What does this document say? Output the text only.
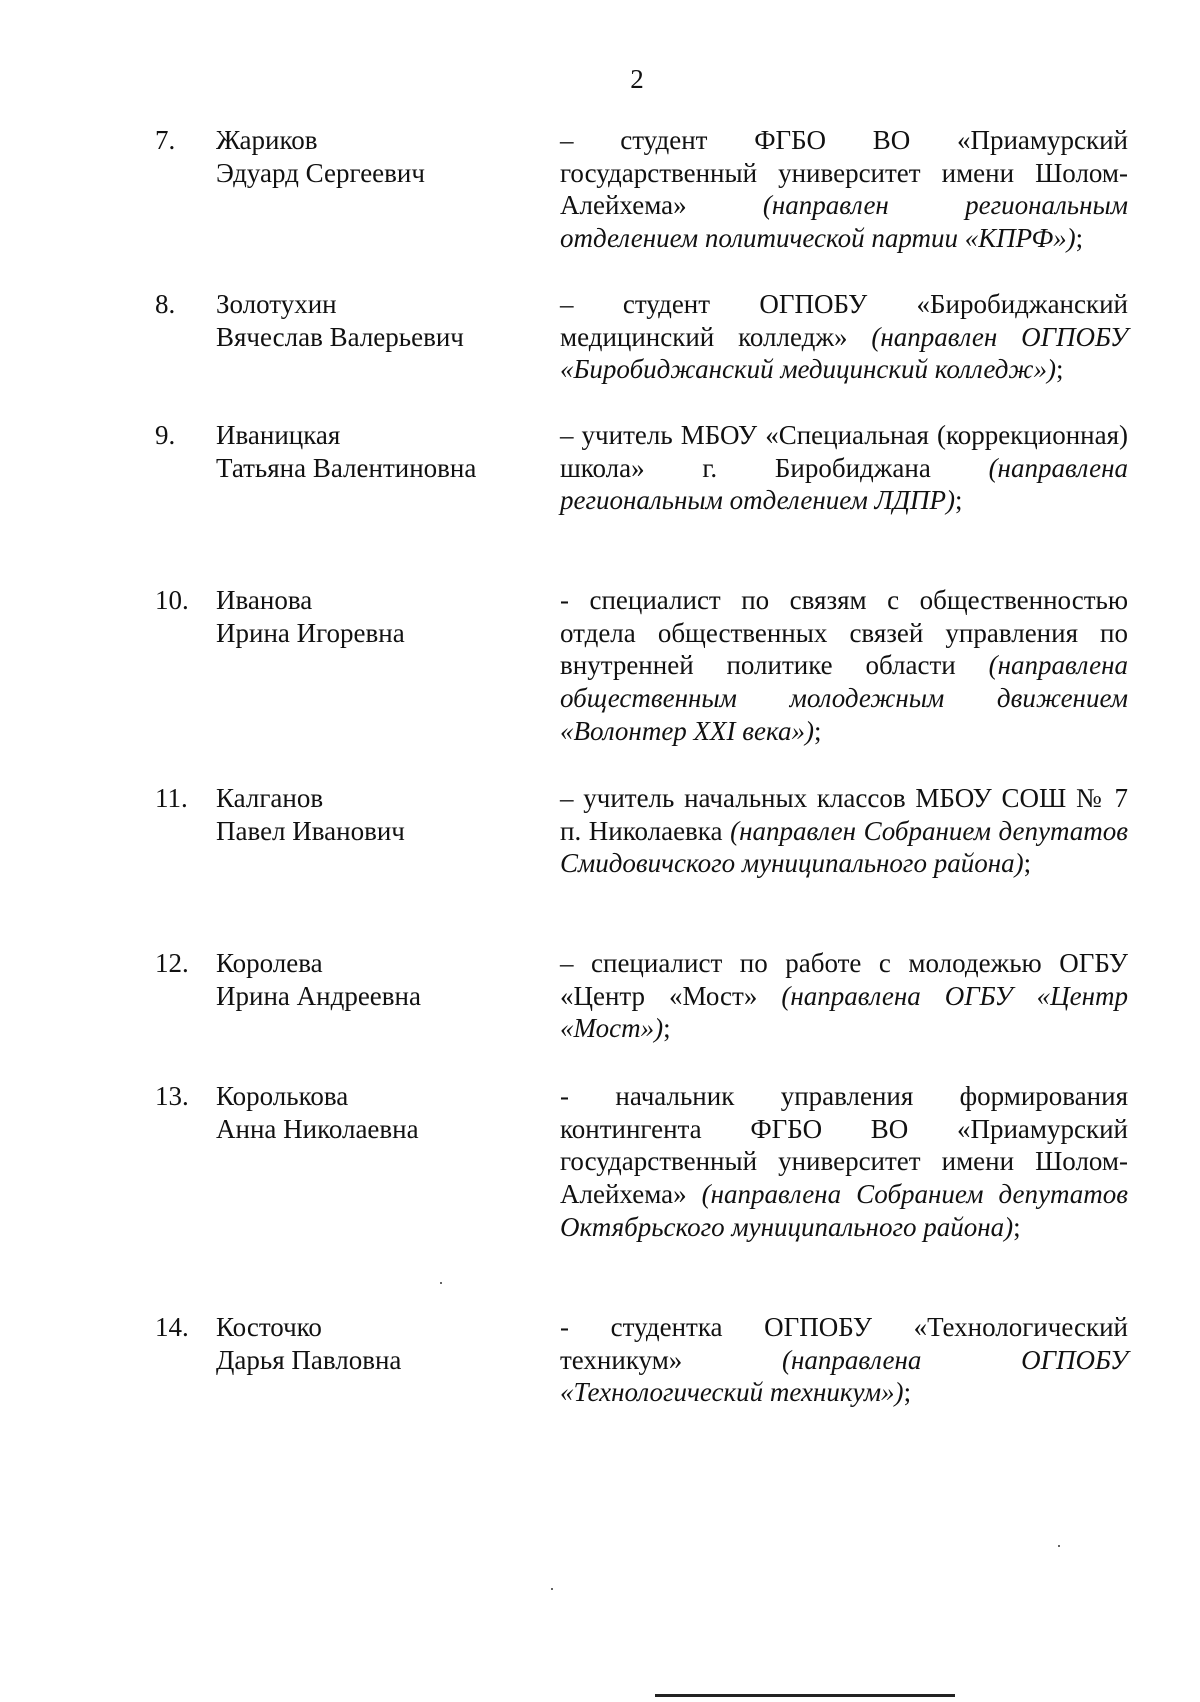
2
7. Жариков
Эдуард Сергеевич
– студент ФГБО ВО «Приамурский государственный университет имени Шолом-Алейхема»	(направлен региональным отделением политической партии «КПРФ»);
8. Золотухин
Вячеслав Валерьевич
– студент ОГПОБУ «Биробиджанский медицинский колледж» (направлен ОГПОБУ «Биробиджанский медицинский колледж»);
9. Иваницкая
Татьяна Валентиновна
– учитель МБОУ «Специальная (коррекционная) школа» г. Биробиджана (направлена региональным отделением ЛДПР);
10. Иванова
Ирина Игоревна
- специалист по связям с общественностью отдела общественных связей управления по внутренней политике области (направлена общественным молодежным движением «Волонтер XXI века»);
11. Калганов
Павел Иванович
– учитель начальных классов МБОУ СОШ № 7 п. Николаевка (направлен Собранием депутатов Смидовичского муниципального района);
12. Королева
Ирина Андреевна
– специалист по работе с молодежью ОГБУ «Центр «Мост» (направлена ОГБУ «Центр «Мост»);
13. Королькова
Анна Николаевна
- начальник управления формирования контингента ФГБО ВО «Приамурский государственный университет имени Шолом-Алейхема» (направлена Собранием депутатов Октябрьского муниципального района);
14. Косточко
Дарья Павловна
- студентка ОГПОБУ «Технологический техникум»	(направлена ОГПОБУ «Технологический техникум»);
